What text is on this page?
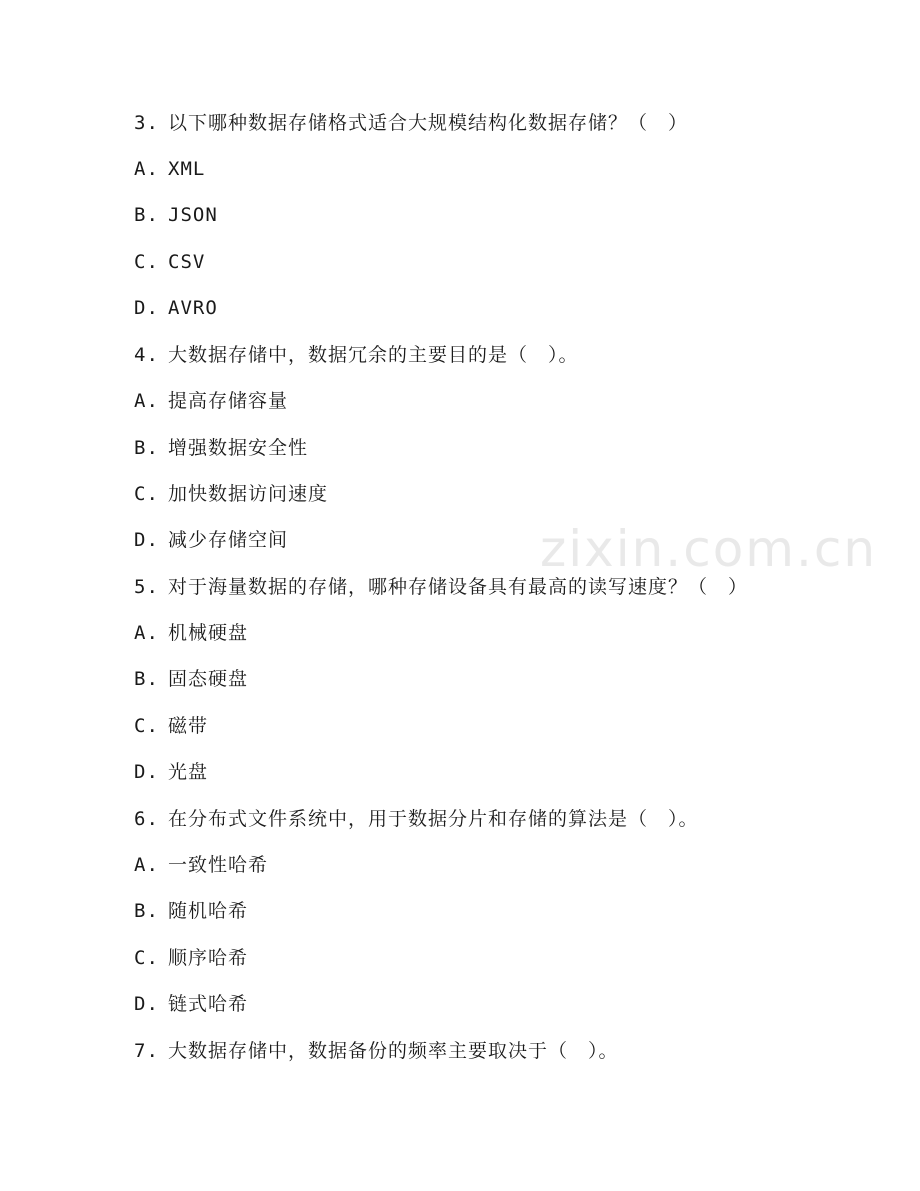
zixin.com.cn
3. 以下哪种数据存储格式适合大规模结构化数据存储？（　）
A. XML
B. JSON
C. CSV
D. AVRO
4. 大数据存储中，数据冗余的主要目的是（　）。
A. 提高存储容量
B. 增强数据安全性
C. 加快数据访问速度
D. 减少存储空间
5. 对于海量数据的存储，哪种存储设备具有最高的读写速度？（　）
A. 机械硬盘
B. 固态硬盘
C. 磁带
D. 光盘
6. 在分布式文件系统中，用于数据分片和存储的算法是（　）。
A. 一致性哈希
B. 随机哈希
C. 顺序哈希
D. 链式哈希
7. 大数据存储中，数据备份的频率主要取决于（　）。
